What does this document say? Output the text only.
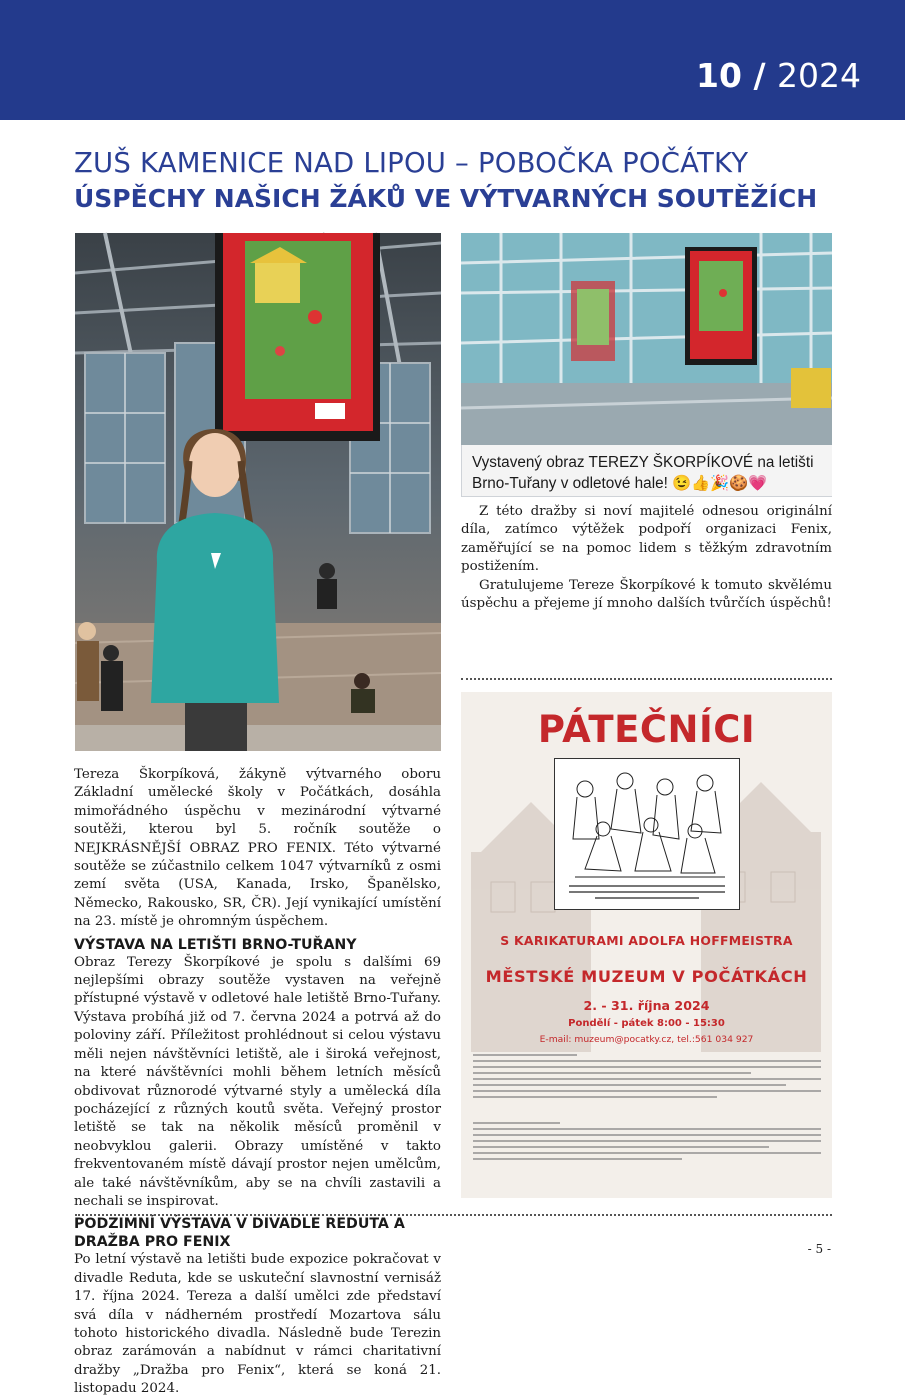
10 / 2024
ZUŠ KAMENICE NAD LIPOU – POBOČKA POČÁTKY
ÚSPĚCHY NAŠICH ŽÁKŮ VE VÝTVARNÝCH SOUTĚŽÍCH
Vystavený obraz TEREZY ŠKORPÍKOVÉ na letišti
Brno-Tuřany v odletové hale! 😉👍🎉🍪💗

Tereza Škorpíková, žákyně výtvarného oboru Základní umělecké školy v Počátkách, dosáhla mimořádného úspěchu v mezinárodní výtvarné soutěži, kterou byl 5. ročník soutěže o NEJKRÁSNĚJŠÍ OBRAZ PRO FENIX. Této výtvarné soutěže se zúčastnilo celkem 1047 výtvarníků z osmi zemí světa (USA, Kanada, Irsko, Španělsko, Německo, Rakousko, SR, ČR). Její vynikající umístění na 23. místě je ohromným úspěchem.

VÝSTAVA NA LETIŠTI BRNO-TUŘANY

Obraz Terezy Škorpíkové je spolu s dalšími 69 nejlepšími obrazy soutěže vystaven na veřejně přístupné výstavě v odletové hale letiště Brno-Tuřany. Výstava probíhá již od 7. června 2024 a potrvá až do poloviny září. Příležitost prohlédnout si celou výstavu měli nejen návštěvníci letiště, ale i široká veřejnost, na které návštěvníci mohli během letních měsíců obdivovat různorodé výtvarné styly a umělecká díla pocházející z různých koutů světa. Veřejný prostor letiště se tak na několik měsíců proměnil v neobvyklou galerii. Obrazy umístěné v takto frekventovaném místě dávají prostor nejen umělcům, ale také návštěvníkům, aby se na chvíli zastavili a nechali se inspirovat.

PODZIMNÍ VÝSTAVA V DIVADLE REDUTA A DRAŽBA PRO FENIX

Po letní výstavě na letišti bude expozice pokračovat v divadle Reduta, kde se uskuteční slavnostní vernisáž 17. října 2024. Tereza a další umělci zde představí svá díla v nádherném prostředí Mozartova sálu tohoto historického divadla. Následně bude Terezin obraz zarámován a nabídnut v rámci charitativní dražby „Dražba pro Fenix“, která se koná 21. listopadu 2024.

Z této dražby si noví majitelé odnesou originální díla, zatímco výtěžek podpoří organizaci Fenix, zaměřující se na pomoc lidem s těžkým zdravotním postižením.

Gratulujeme Tereze Škorpíkové k tomuto skvělému úspěchu a přejeme jí mnoho dalších tvůrčích úspěchů!

PÁTEČNÍCI
S KARIKATURAMI ADOLFA HOFFMEISTRA
MĚSTSKÉ MUZEUM V POČÁTKÁCH
2. - 31. října 2024
Pondělí - pátek 8:00 - 15:30
E-mail: muzeum@pocatky.cz, tel.:561 034 927
- 5 -
